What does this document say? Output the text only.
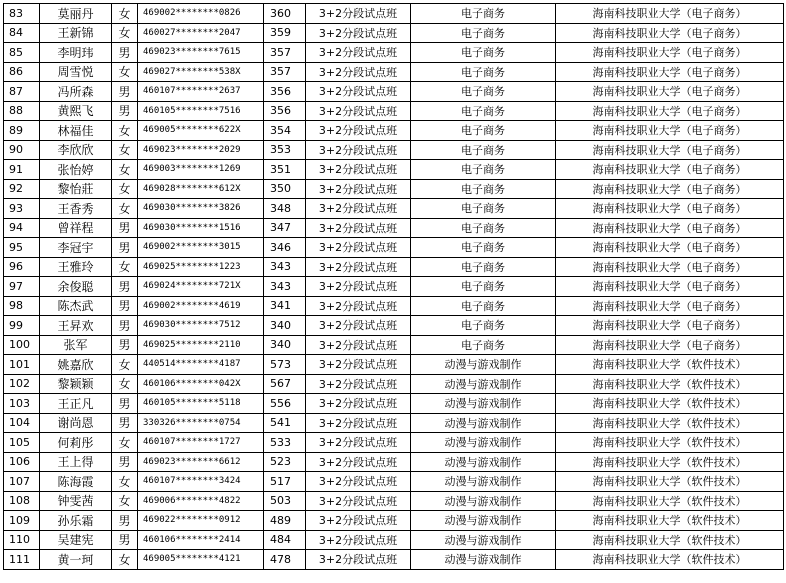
83	莫丽丹	女	469002********0826	360	3+2分段试点班	电子商务	海南科技职业大学（电子商务）
84	王新锦	女	460027********2047	359	3+2分段试点班	电子商务	海南科技职业大学（电子商务）
85	李明玮	男	469023********7615	357	3+2分段试点班	电子商务	海南科技职业大学（电子商务）
86	周雪悦	女	469027********538X	357	3+2分段试点班	电子商务	海南科技职业大学（电子商务）
87	冯所森	男	460107********2637	356	3+2分段试点班	电子商务	海南科技职业大学（电子商务）
88	黄熙飞	男	460105********7516	356	3+2分段试点班	电子商务	海南科技职业大学（电子商务）
89	林福佳	女	469005********622X	354	3+2分段试点班	电子商务	海南科技职业大学（电子商务）
90	李欣欣	女	469023********2029	353	3+2分段试点班	电子商务	海南科技职业大学（电子商务）
91	张怡婷	女	469003********1269	351	3+2分段试点班	电子商务	海南科技职业大学（电子商务）
92	黎怡莊	女	469028********612X	350	3+2分段试点班	电子商务	海南科技职业大学（电子商务）
93	王香秀	女	469030********3826	348	3+2分段试点班	电子商务	海南科技职业大学（电子商务）
94	曾祥程	男	469030********1516	347	3+2分段试点班	电子商务	海南科技职业大学（电子商务）
95	李冠宇	男	469002********3015	346	3+2分段试点班	电子商务	海南科技职业大学（电子商务）
96	王雅玲	女	469025********1223	343	3+2分段试点班	电子商务	海南科技职业大学（电子商务）
97	余俊聪	男	469024********721X	343	3+2分段试点班	电子商务	海南科技职业大学（电子商务）
98	陈杰武	男	469002********4619	341	3+2分段试点班	电子商务	海南科技职业大学（电子商务）
99	王昇欢	男	469030********7512	340	3+2分段试点班	电子商务	海南科技职业大学（电子商务）
100	张军	男	469025********2110	340	3+2分段试点班	电子商务	海南科技职业大学（电子商务）
101	姚嘉欣	女	440514********4187	573	3+2分段试点班	动漫与游戏制作	海南科技职业大学（软件技术）
102	黎颖颖	女	460106********042X	567	3+2分段试点班	动漫与游戏制作	海南科技职业大学（软件技术）
103	王正凡	男	460105********5118	556	3+2分段试点班	动漫与游戏制作	海南科技职业大学（软件技术）
104	谢尚恩	男	330326********0754	541	3+2分段试点班	动漫与游戏制作	海南科技职业大学（软件技术）
105	何莉彤	女	460107********1727	533	3+2分段试点班	动漫与游戏制作	海南科技职业大学（软件技术）
106	王上得	男	469023********6612	523	3+2分段试点班	动漫与游戏制作	海南科技职业大学（软件技术）
107	陈海霞	女	460107********3424	517	3+2分段试点班	动漫与游戏制作	海南科技职业大学（软件技术）
108	钟雯茜	女	469006********4822	503	3+2分段试点班	动漫与游戏制作	海南科技职业大学（软件技术）
109	孙乐霜	男	469022********0912	489	3+2分段试点班	动漫与游戏制作	海南科技职业大学（软件技术）
110	吴建宪	男	460106********2414	484	3+2分段试点班	动漫与游戏制作	海南科技职业大学（软件技术）
111	黄一珂	女	469005********4121	478	3+2分段试点班	动漫与游戏制作	海南科技职业大学（软件技术）
